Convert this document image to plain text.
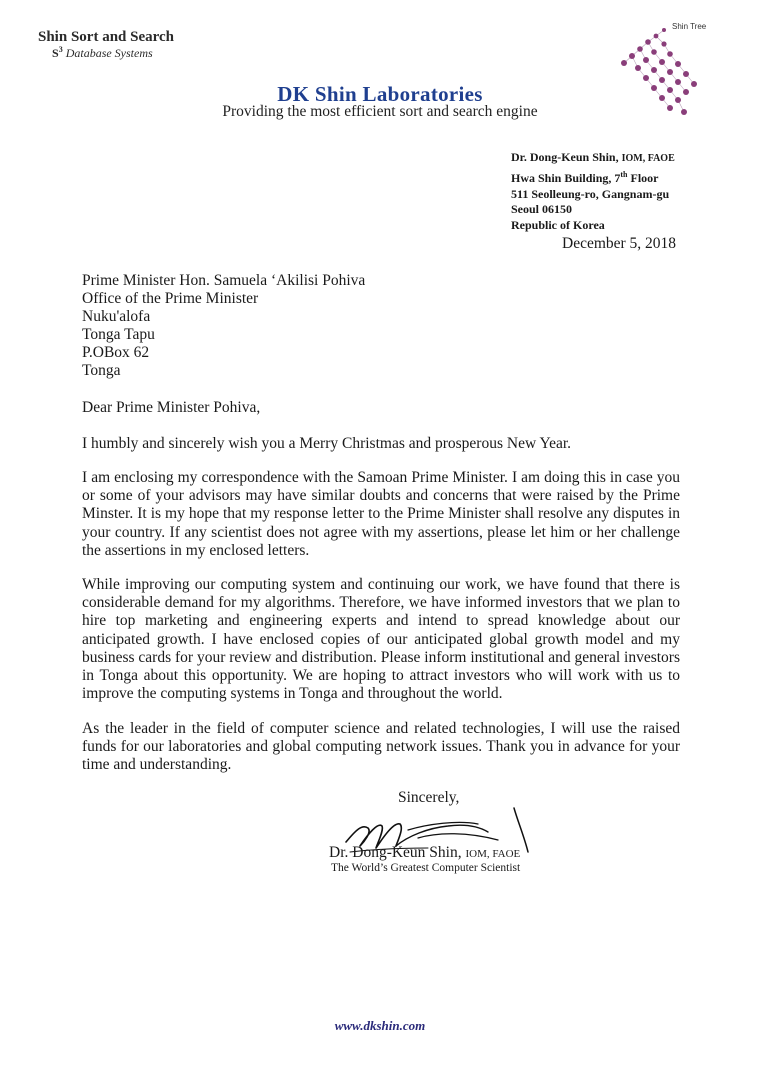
Shin Sort and Search
$S^3$ Database Systems
Shin Tree
DK Shin Laboratories
Providing the most efficient sort and search engine
Dr. Dong-Keun Shin, IOM, FAOE
Hwa Shin Building, 7th Floor
511 Seolleung-ro, Gangnam-gu
Seoul 06150
Republic of Korea
December 5, 2018
Prime Minister Hon. Samuela ‘Akilisi Pohiva
Office of the Prime Minister
Nuku'alofa
Tonga Tapu
P.OBox 62
Tonga
Dear Prime Minister Pohiva,
I humbly and sincerely wish you a Merry Christmas and prosperous New Year.
I am enclosing my correspondence with the Samoan Prime Minister. I am doing this in case you or some of your advisors may have similar doubts and concerns that were raised by the Prime Minster. It is my hope that my response letter to the Prime Minister shall resolve any disputes in your country. If any scientist does not agree with my assertions, please let him or her challenge the assertions in my enclosed letters.
While improving our computing system and continuing our work, we have found that there is considerable demand for my algorithms. Therefore, we have informed investors that we plan to hire top marketing and engineering experts and intend to spread knowledge about our anticipated growth. I have enclosed copies of our anticipated global growth model and my business cards for your review and distribution. Please inform institutional and general investors in Tonga about this opportunity. We are hoping to attract investors who will work with us to improve the computing systems in Tonga and throughout the world.
As the leader in the field of computer science and related technologies, I will use the raised funds for our laboratories and global computing network issues. Thank you in advance for your time and understanding.
Sincerely,
Dr. Dong-Keun Shin, IOM, FAOE
The World’s Greatest Computer Scientist
www.dkshin.com
